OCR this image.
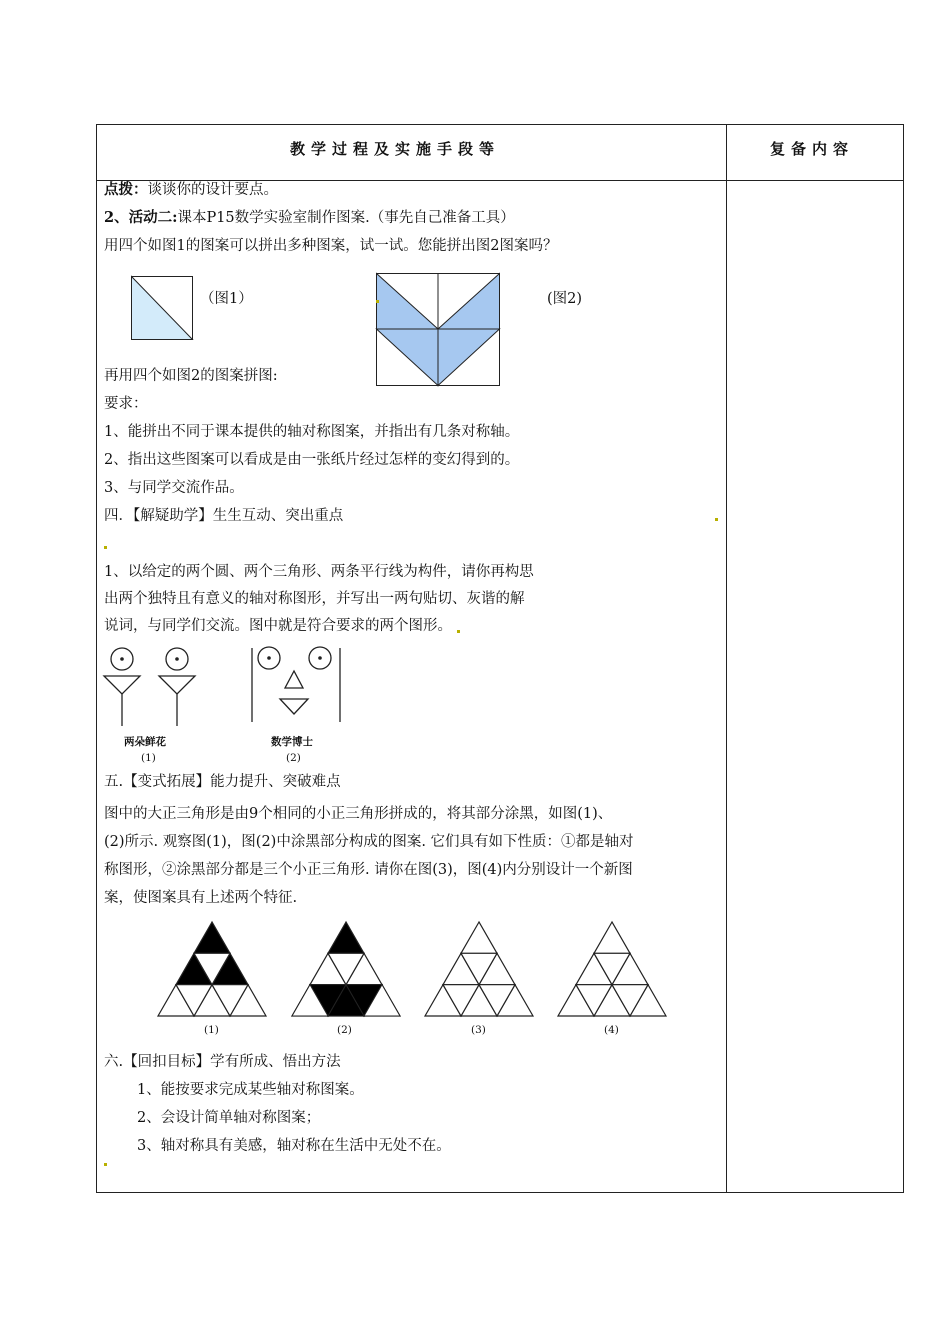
教学过程及实施手段等	复备内容
点拨：谈谈你的设计要点。
2、活动二:课本P15数学实验室制作图案.（事先自己准备工具）
用四个如图1的图案可以拼出多种图案，试一试。您能拼出图2图案吗？
（图1）	(图2)
再用四个如图2的图案拼图:
要求：
1、能拼出不同于课本提供的轴对称图案，并指出有几条对称轴。
2、指出这些图案可以看成是由一张纸片经过怎样的变幻得到的。
3、与同学交流作品。
四．【解疑助学】生生互动、突出重点
1、以给定的两个圆、两个三角形、两条平行线为构件，请你再构思
出两个独特且有意义的轴对称图形，并写出一两句贴切、灰谐的解
说词，与同学们交流。图中就是符合要求的两个图形。
两朵鲜花
(1)
数学博士
(2)
五.【变式拓展】能力提升、突破难点
图中的大正三角形是由9个相同的小正三角形拼成的，将其部分涂黑，如图(1)、
(2)所示. 观察图(1)，图(2)中涂黑部分构成的图案. 它们具有如下性质：①都是轴对
称图形，②涂黑部分都是三个小正三角形. 请你在图(3)，图(4)内分别设计一个新图
案，使图案具有上述两个特征.
(1)	(2)	(3)	(4)
六.【回扣目标】学有所成、悟出方法
1、能按要求完成某些轴对称图案。
2、会设计简单轴对称图案；
3、轴对称具有美感，轴对称在生活中无处不在。
